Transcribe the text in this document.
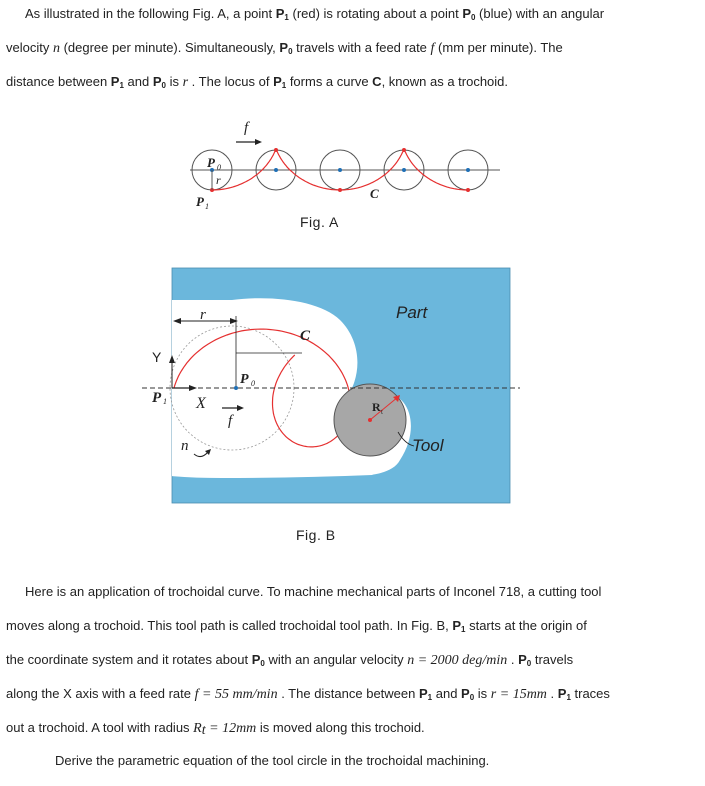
As illustrated in the following Fig. A, a point $P_1$ (red) is rotating about a point $P_0$ (blue) with an angular
velocity n (degree per minute). Simultaneously, $P_0$ travels with a feed rate f (mm per minute). The
distance between $P_1$ and $P_0$ is r . The locus of $P_1$ forms a curve C, known as a trochoid.
f
P 0
r
P 1
C
Fig. A
r
C
Part
Y
P 0
P 1 X
f
n
R t
Tool
Fig. B
Here is an application of trochoidal curve. To machine mechanical parts of Inconel 718, a cutting tool
moves along a trochoid. This tool path is called trochoidal tool path. In Fig. B, $P_1$ starts at the origin of
the coordinate system and it rotates about $P_0$ with an angular velocity n = 2000 deg/min . $P_0$ travels
along the X axis with a feed rate f = 55 mm/min . The distance between $P_1$ and $P_0$ is r = 15mm . $P_1$ traces
out a trochoid. A tool with radius $R_t = 12mm$ is moved along this trochoid.
Derive the parametric equation of the tool circle in the trochoidal machining.
